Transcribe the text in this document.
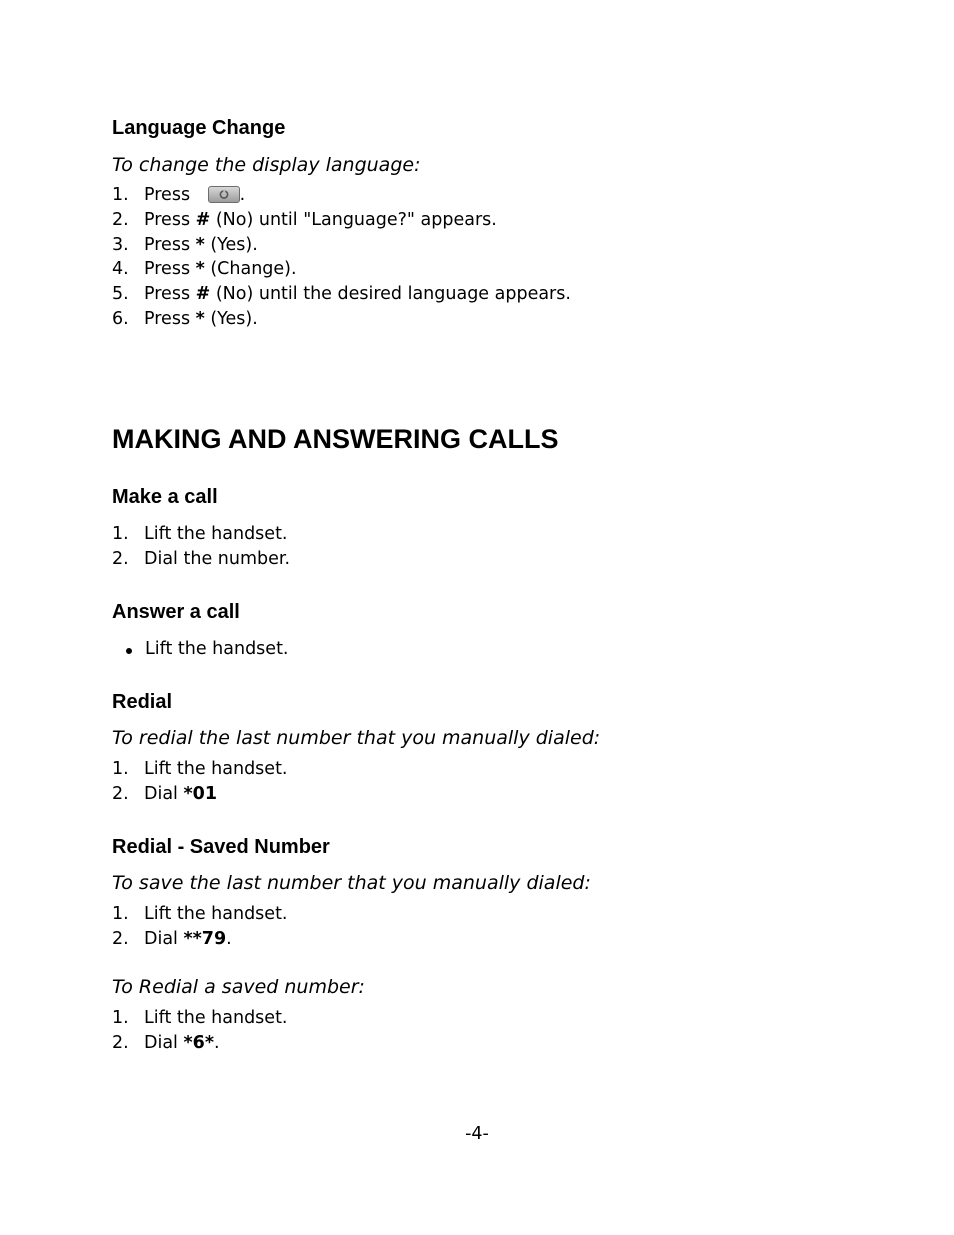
Language Change

To change the display language:

1. Press	.
2. Press # (No) until "Language?" appears.
3. Press * (Yes).
4. Press * (Change).
5. Press # (No) until the desired language appears.
6. Press * (Yes).
MAKING AND ANSWERING CALLS
Make a call
1. Lift the handset.
2. Dial the number.
Answer a call
Lift the handset.
Redial

To redial the last number that you manually dialed:

1. Lift the handset.
2. Dial *01
Redial - Saved Number

To save the last number that you manually dialed:

1. Lift the handset.
2. Dial **79.

To Redial a saved number:

1. Lift the handset.
2. Dial *6*.
-4-
